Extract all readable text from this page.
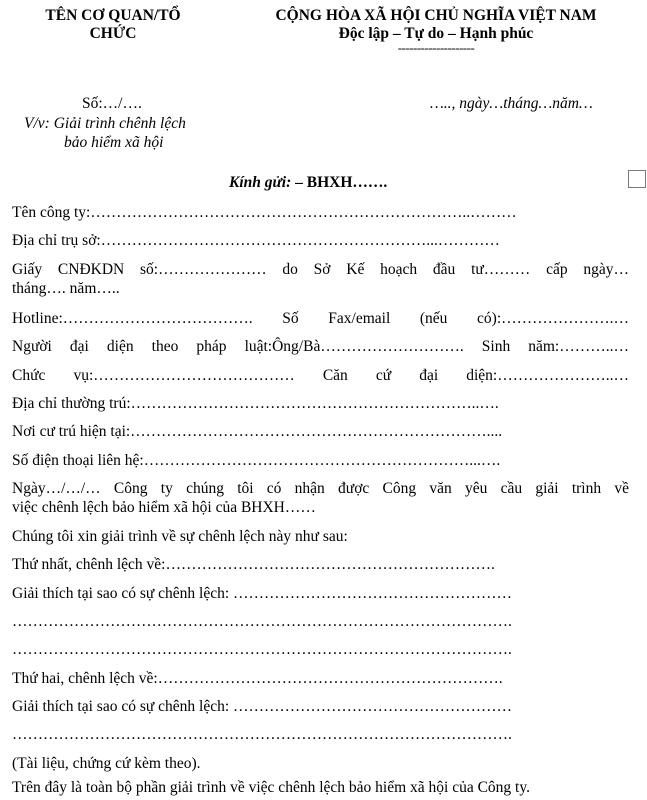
TÊN CƠ QUAN/TỔ
CHỨC
CỘNG HÒA XÃ HỘI CHỦ NGHĨA VIỆT NAM
Độc lập – Tự do – Hạnh phúc
--------------------
Số:…/….	….., ngày…tháng…năm…
V/v: Giải trình chênh lệch
bảo hiểm xã hội
Kính gửi: – BHXH…….
Tên công ty:………………………………………………………………..………
Địa chỉ trụ sở:………………………………………………………...…………
Giấy CNĐKDN số:………………… do Sở Kế hoạch đầu tư……… cấp ngày…
tháng…. năm…..
Hotline:………………………………. Số Fax/email (nếu có):………………….…
Người đại diện theo pháp luật:Ông/Bà………………………. Sinh năm:………..…
Chức vụ:………………………………… Căn cứ đại diện:…………………..…
Địa chỉ thường trú:…………………………………………………………..….
Nơi cư trú hiện tại:……………………………………………………………....
Số điện thoại liên hệ:………………………………………………………...….
Ngày…/…/… Công ty chúng tôi có nhận được Công văn yêu cầu giải trình về
việc chênh lệch bảo hiểm xã hội của BHXH……
Chúng tôi xin giải trình về sự chênh lệch này như sau:
Thứ nhất, chênh lệch về:……………………………………………………….
Giải thích tại sao có sự chênh lệch: ………………………………………………
…………………………………………………………………………………….
…………………………………………………………………………………….
Thứ hai, chênh lệch về:………………………………………………………….
Giải thích tại sao có sự chênh lệch: ………………………………………………
…………………………………………………………………………………….
(Tài liệu, chứng cứ kèm theo).
Trên đây là toàn bộ phần giải trình về việc chênh lệch bảo hiểm xã hội của Công ty.
